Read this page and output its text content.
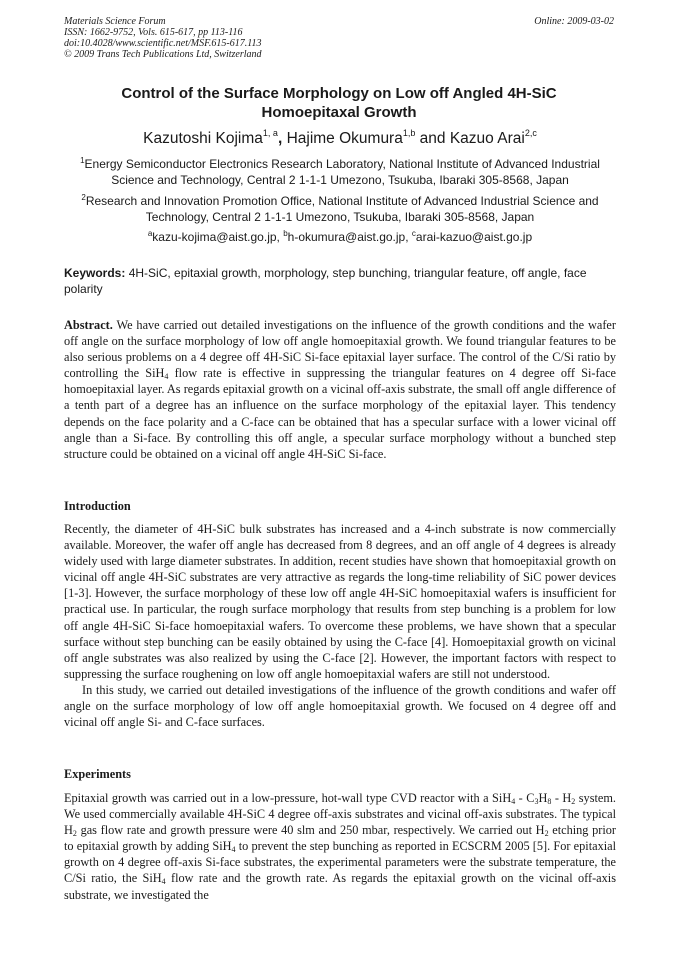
Materials Science Forum
ISSN: 1662-9752, Vols. 615-617, pp 113-116
doi:10.4028/www.scientific.net/MSF.615-617.113
© 2009 Trans Tech Publications Ltd, Switzerland
Online: 2009-03-02
Control of the Surface Morphology on Low off Angled 4H-SiC Homoepitaxal Growth
Kazutoshi Kojima$^{1, a}$, Hajime Okumura$^{1,b}$ and Kazuo Arai$^{2,c}$
$^1$Energy Semiconductor Electronics Research Laboratory, National Institute of Advanced Industrial Science and Technology, Central 2 1-1-1 Umezono, Tsukuba, Ibaraki 305-8568, Japan
$^2$Research and Innovation Promotion Office, National Institute of Advanced Industrial Science and Technology, Central 2 1-1-1 Umezono, Tsukuba, Ibaraki 305-8568, Japan
$^a$kazu-kojima@aist.go.jp, $^b$h-okumura@aist.go.jp, $^c$arai-kazuo@aist.go.jp
Keywords: 4H-SiC, epitaxial growth, morphology, step bunching, triangular feature, off angle, face polarity
Abstract. We have carried out detailed investigations on the influence of the growth conditions and the wafer off angle on the surface morphology of low off angle homoepitaxial growth. We found triangular features to be also serious problems on a 4 degree off 4H-SiC Si-face epitaxial layer surface. The control of the C/Si ratio by controlling the SiH$_4$ flow rate is effective in suppressing the triangular features on 4 degree off Si-face homoepitaxial layer. As regards epitaxial growth on a vicinal off-axis substrate, the small off angle difference of a tenth part of a degree has an influence on the surface morphology of the epitaxial layer. This tendency depends on the face polarity and a C-face can be obtained that has a specular surface with a lower vicinal off angle than a Si-face. By controlling this off angle, a specular surface morphology without a bunched step structure could be obtained on a vicinal off angle 4H-SiC Si-face.
Introduction

Recently, the diameter of 4H-SiC bulk substrates has increased and a 4-inch substrate is now commercially available. Moreover, the wafer off angle has decreased from 8 degrees, and an off angle of 4 degrees is already widely used with large diameter substrates. In addition, recent studies have shown that homoepitaxial growth on vicinal off angle 4H-SiC substrates are very attractive as regards the long-time reliability of SiC power devices [1-3]. However, the surface morphology of these low off angle 4H-SiC homoepitaxial wafers is insufficient for practical use. In particular, the rough surface morphology that results from step bunching is a problem for low off angle 4H-SiC Si-face homoepitaxial wafers. To overcome these problems, we have shown that a specular surface without step bunching can be easily obtained by using the C-face [4]. Homoepitaxial growth on vicinal off angle substrates was also realized by using the C-face [2]. However, the important factors with respect to suppressing the surface roughening on low off angle homoepitaxial wafers are still not understood.

In this study, we carried out detailed investigations of the influence of the growth conditions and wafer off angle on the surface morphology of low off angle homoepitaxial growth. We focused on 4 degree off and vicinal off angle Si- and C-face surfaces.

Experiments

Epitaxial growth was carried out in a low-pressure, hot-wall type CVD reactor with a $SiH_4 - C_3H_8 - H_2$ system. We used commercially available 4H-SiC 4 degree off-axis substrates and vicinal off-axis substrates. The typical $H_2$ gas flow rate and growth pressure were 40 slm and 250 mbar, respectively. We carried out $H_2$ etching prior to epitaxial growth by adding SiH$_4$ to prevent the step bunching as reported in ECSCRM 2005 [5]. For epitaxial growth on 4 degree off-axis Si-face substrates, the experimental parameters were the substrate temperature, the C/Si ratio, the SiH$_4$ flow rate and the growth rate. As regards the epitaxial growth on the vicinal off-axis substrate, we investigated the
